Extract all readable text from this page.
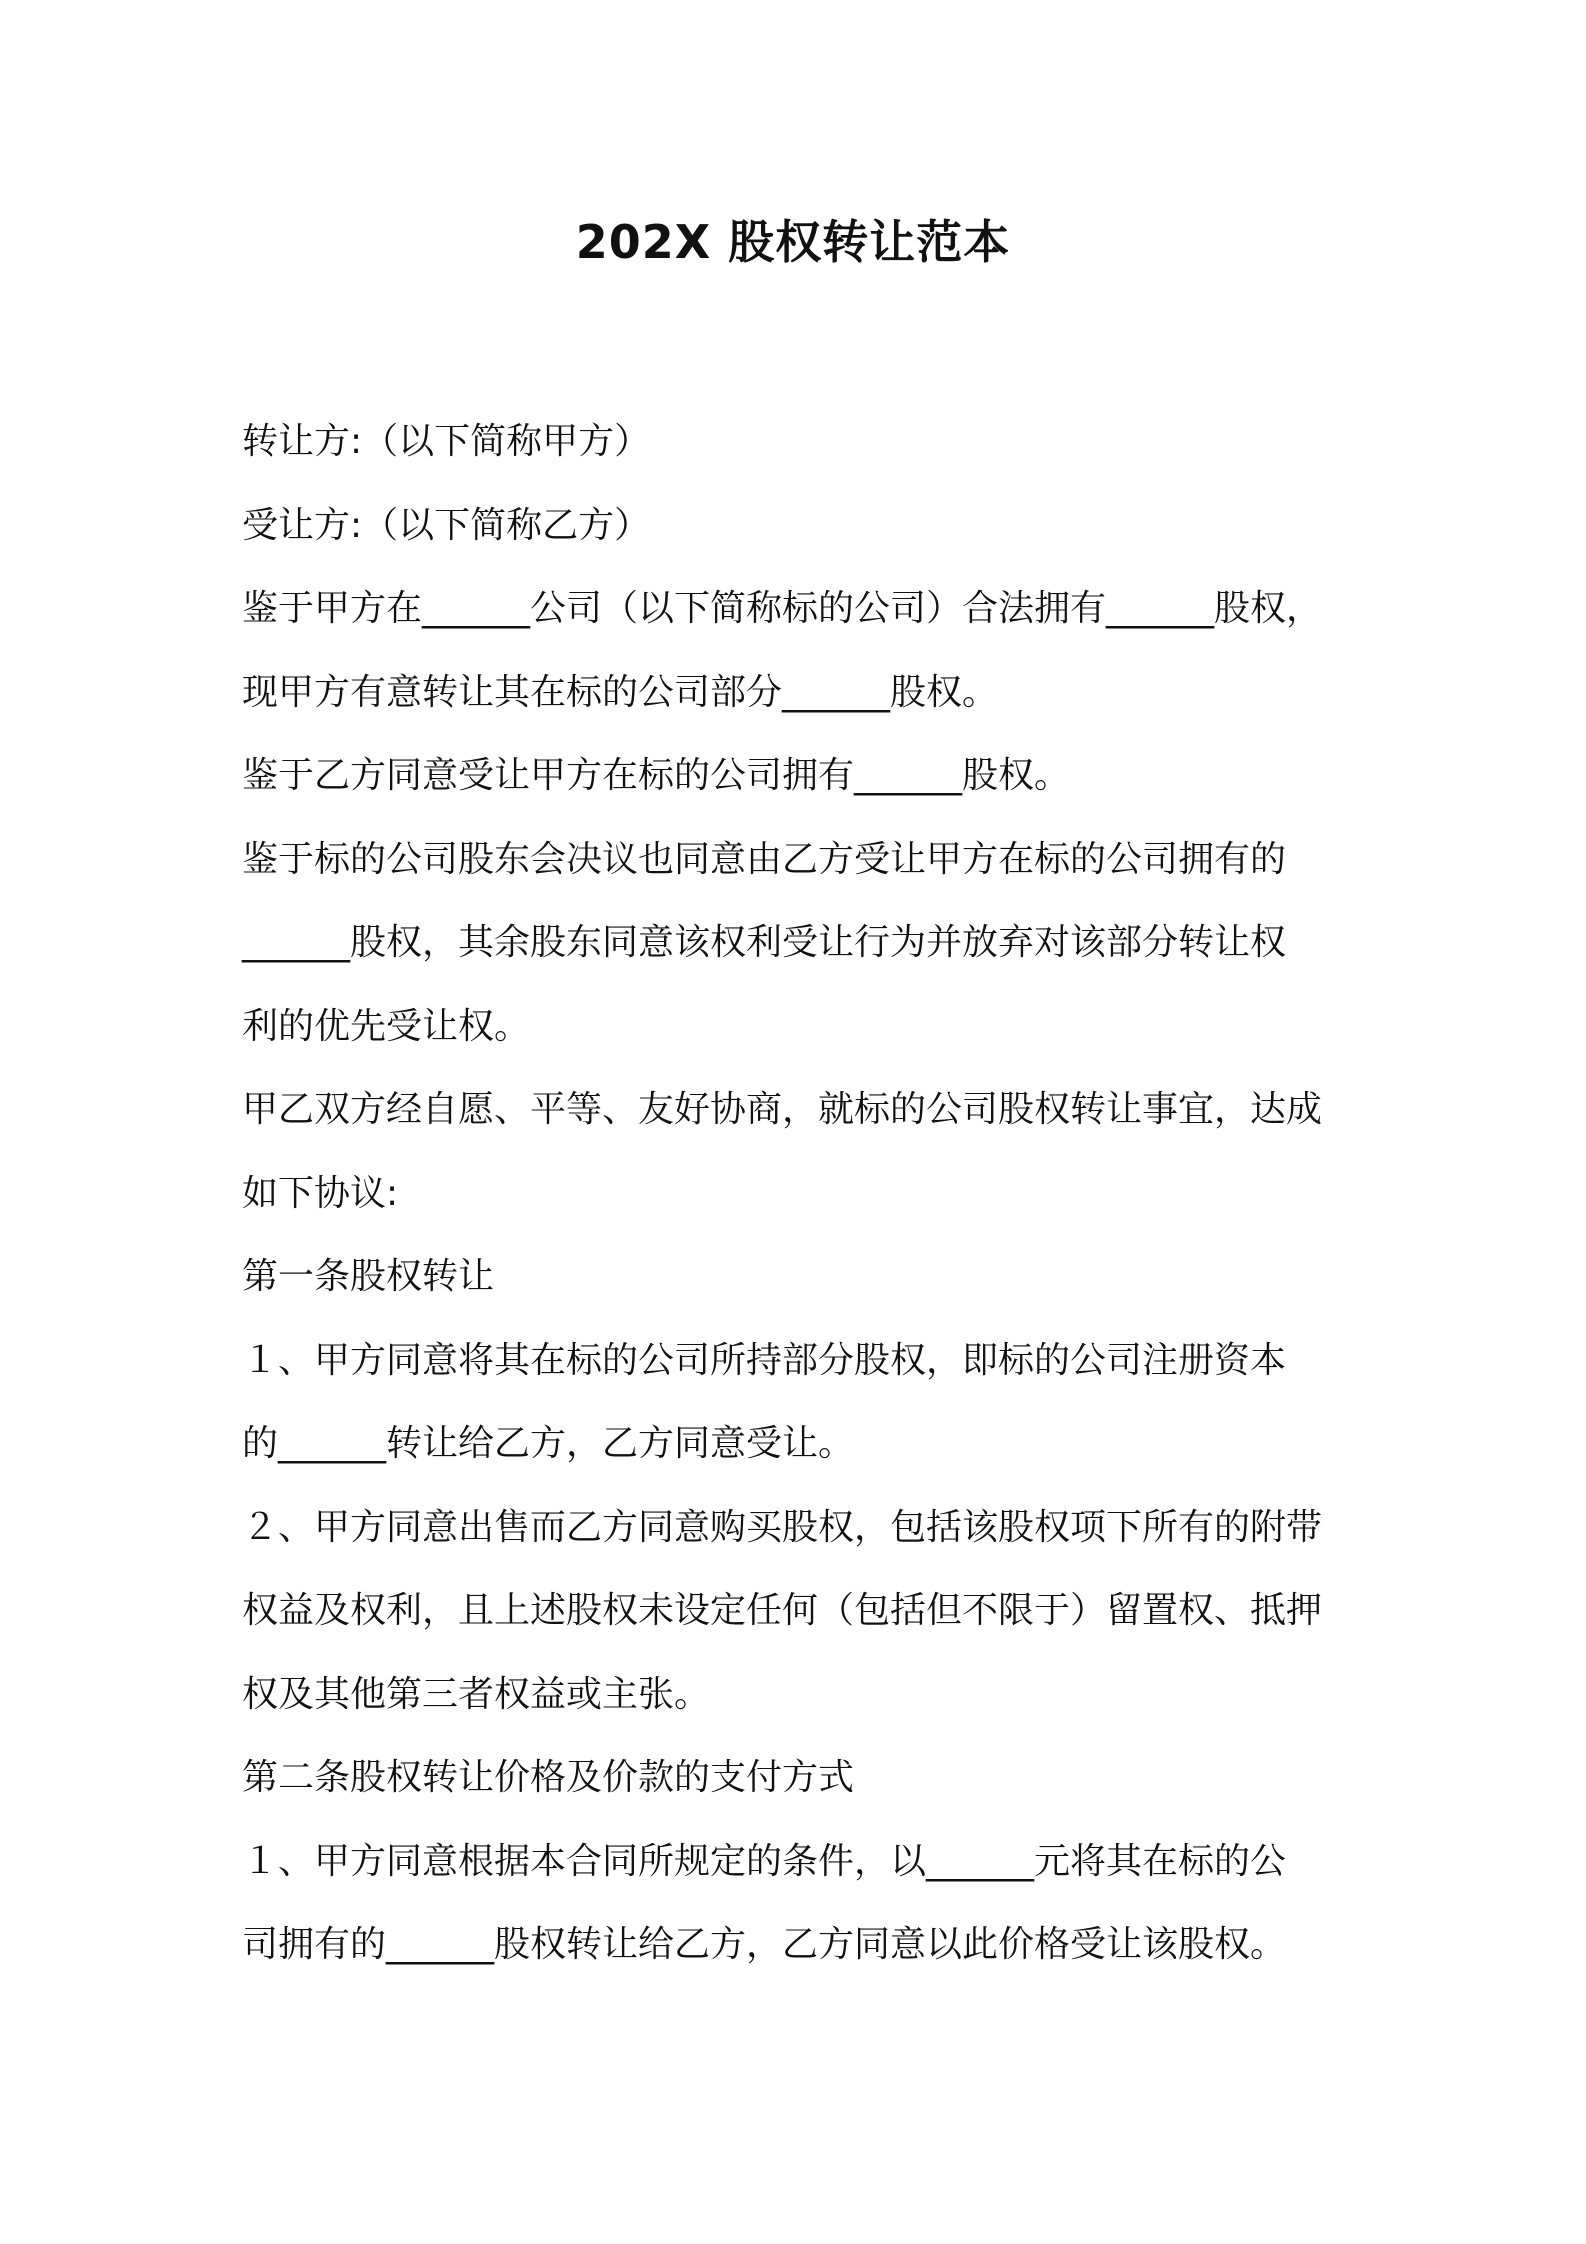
202X 股权转让范本
转让方:（以下简称甲方）
受让方:（以下简称乙方）
鉴于甲方在______公司（以下简称标的公司）合法拥有______股权，
现甲方有意转让其在标的公司部分______股权。
鉴于乙方同意受让甲方在标的公司拥有______股权。
鉴于标的公司股东会决议也同意由乙方受让甲方在标的公司拥有的
______股权，其余股东同意该权利受让行为并放弃对该部分转让权
利的优先受让权。
甲乙双方经自愿、平等、友好协商，就标的公司股权转让事宜，达成
如下协议:
第一条股权转让
１、甲方同意将其在标的公司所持部分股权，即标的公司注册资本
的______转让给乙方，乙方同意受让。
２、甲方同意出售而乙方同意购买股权，包括该股权项下所有的附带
权益及权利，且上述股权未设定任何（包括但不限于）留置权、抵押
权及其他第三者权益或主张。
第二条股权转让价格及价款的支付方式
１、甲方同意根据本合同所规定的条件，以______元将其在标的公
司拥有的______股权转让给乙方，乙方同意以此价格受让该股权。
